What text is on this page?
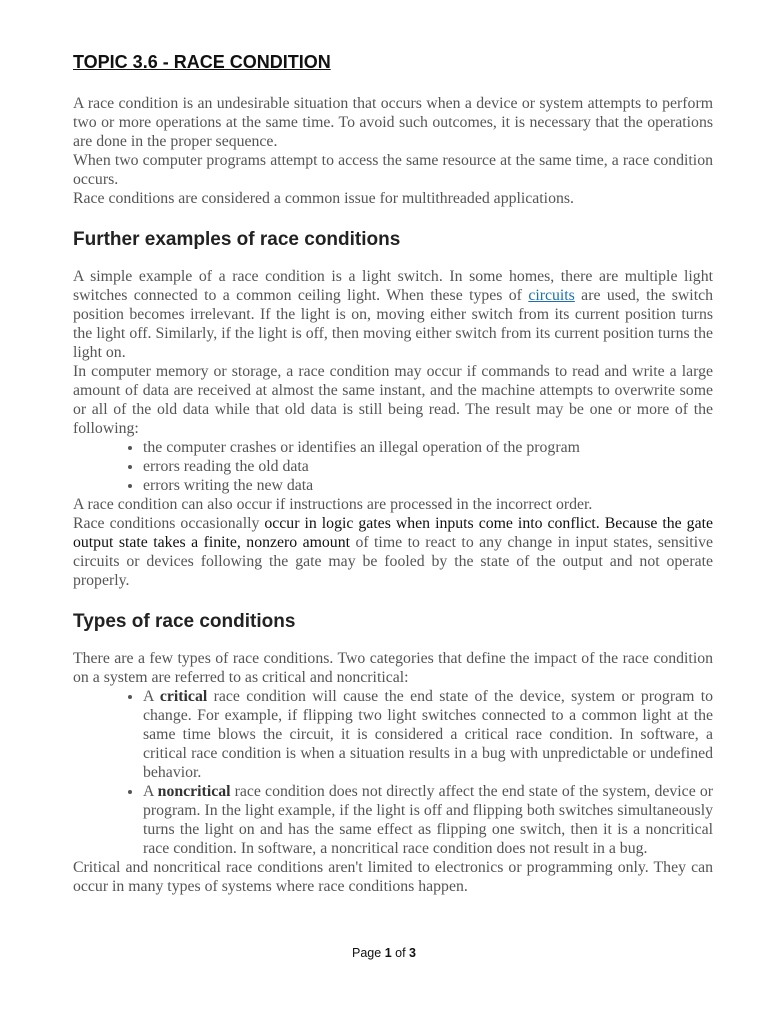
TOPIC 3.6 - RACE CONDITION

A race condition is an undesirable situation that occurs when a device or system attempts to perform two or more operations at the same time. To avoid such outcomes, it is necessary that the operations are done in the proper sequence.

When two computer programs attempt to access the same resource at the same time, a race condition occurs.

Race conditions are considered a common issue for multithreaded applications.

Further examples of race conditions

A simple example of a race condition is a light switch. In some homes, there are multiple light switches connected to a common ceiling light. When these types of circuits are used, the switch position becomes irrelevant. If the light is on, moving either switch from its current position turns the light off. Similarly, if the light is off, then moving either switch from its current position turns the light on.

In computer memory or storage, a race condition may occur if commands to read and write a large amount of data are received at almost the same instant, and the machine attempts to overwrite some or all of the old data while that old data is still being read. The result may be one or more of the following:

• the computer crashes or identifies an illegal operation of the program
• errors reading the old data
• errors writing the new data

A race condition can also occur if instructions are processed in the incorrect order.

Race conditions occasionally occur in logic gates when inputs come into conflict. Because the gate output state takes a finite, nonzero amount of time to react to any change in input states, sensitive circuits or devices following the gate may be fooled by the state of the output and not operate properly.

Types of race conditions

There are a few types of race conditions. Two categories that define the impact of the race condition on a system are referred to as critical and noncritical:

• A critical race condition will cause the end state of the device, system or program to change. For example, if flipping two light switches connected to a common light at the same time blows the circuit, it is considered a critical race condition. In software, a critical race condition is when a situation results in a bug with unpredictable or undefined behavior.
• A noncritical race condition does not directly affect the end state of the system, device or program. In the light example, if the light is off and flipping both switches simultaneously turns the light on and has the same effect as flipping one switch, then it is a noncritical race condition. In software, a noncritical race condition does not result in a bug.

Critical and noncritical race conditions aren't limited to electronics or programming only. They can occur in many types of systems where race conditions happen.

Page 1 of 3
